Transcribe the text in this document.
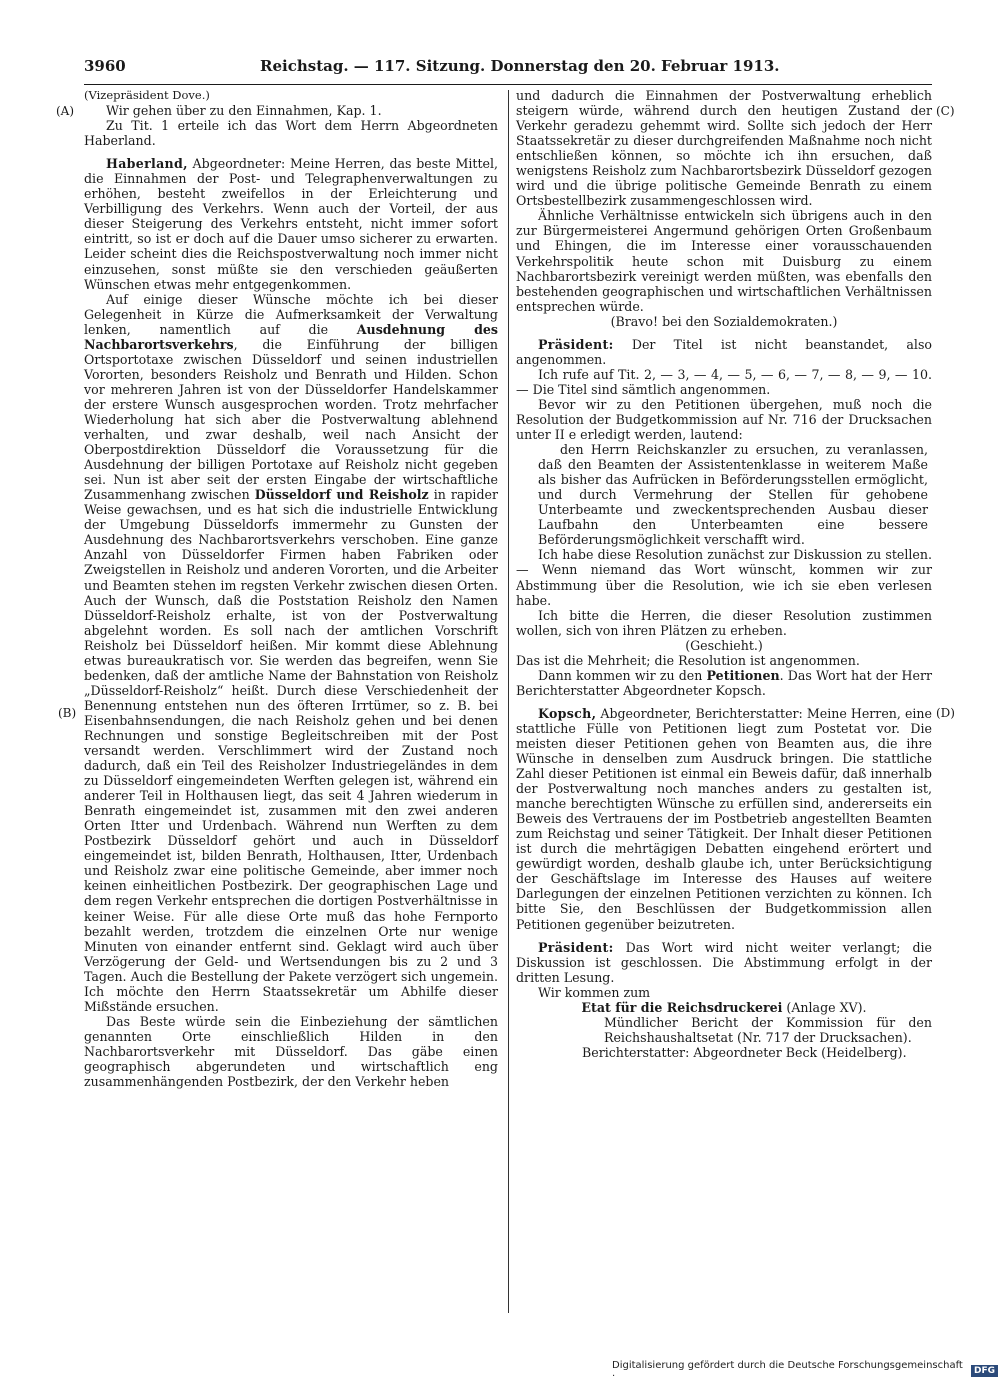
3960	Reichstag. — 117. Sitzung. Donnerstag den 20. Februar 1913.
(A)
(B)
(C)
(D)

(Vizepräsident Dove.)

Wir gehen über zu den Einnahmen, Kap. 1.

Zu Tit. 1 erteile ich das Wort dem Herrn Abgeordneten Haberland.

Haberland, Abgeordneter: Meine Herren, das beste Mittel, die Einnahmen der Post- und Telegraphenverwaltungen zu erhöhen, besteht zweifellos in der Erleichterung und Verbilligung des Verkehrs. Wenn auch der Vorteil, der aus dieser Steigerung des Verkehrs entsteht, nicht immer sofort eintritt, so ist er doch auf die Dauer umso sicherer zu erwarten. Leider scheint dies die Reichspostverwaltung noch immer nicht einzusehen, sonst müßte sie den verschieden geäußerten Wünschen etwas mehr entgegenkommen.

Auf einige dieser Wünsche möchte ich bei dieser Gelegenheit in Kürze die Aufmerksamkeit der Verwaltung lenken, namentlich auf die Ausdehnung des Nachbarortsverkehrs, die Einführung der billigen Ortsportotaxe zwischen Düsseldorf und seinen industriellen Vororten, besonders Reisholz und Benrath und Hilden. Schon vor mehreren Jahren ist von der Düsseldorfer Handelskammer der erstere Wunsch ausgesprochen worden. Trotz mehrfacher Wiederholung hat sich aber die Postverwaltung ablehnend verhalten, und zwar deshalb, weil nach Ansicht der Oberpostdirektion Düsseldorf die Voraussetzung für die Ausdehnung der billigen Portotaxe auf Reisholz nicht gegeben sei. Nun ist aber seit der ersten Eingabe der wirtschaftliche Zusammenhang zwischen Düsseldorf und Reisholz in rapider Weise gewachsen, und es hat sich die industrielle Entwicklung der Umgebung Düsseldorfs immermehr zu Gunsten der Ausdehnung des Nachbarortsverkehrs verschoben. Eine ganze Anzahl von Düsseldorfer Firmen haben Fabriken oder Zweigstellen in Reisholz und anderen Vororten, und die Arbeiter und Beamten stehen im regsten Verkehr zwischen diesen Orten. Auch der Wunsch, daß die Poststation Reisholz den Namen Düsseldorf-Reisholz erhalte, ist von der Postverwaltung abgelehnt worden. Es soll nach der amtlichen Vorschrift Reisholz bei Düsseldorf heißen. Mir kommt diese Ablehnung etwas bureaukratisch vor. Sie werden das begreifen, wenn Sie bedenken, daß der amtliche Name der Bahnstation von Reisholz „Düsseldorf-Reisholz“ heißt. Durch diese Verschiedenheit der Benennung entstehen nun des öfteren Irrtümer, so z. B. bei Eisenbahnsendungen, die nach Reisholz gehen und bei denen Rechnungen und sonstige Begleitschreiben mit der Post versandt werden. Verschlimmert wird der Zustand noch dadurch, daß ein Teil des Reisholzer Industriegeländes in dem zu Düsseldorf eingemeindeten Werften gelegen ist, während ein anderer Teil in Holthausen liegt, das seit 4 Jahren wiederum in Benrath eingemeindet ist, zusammen mit den zwei anderen Orten Itter und Urdenbach. Während nun Werften zu dem Postbezirk Düsseldorf gehört und auch in Düsseldorf eingemeindet ist, bilden Benrath, Holthausen, Itter, Urdenbach und Reisholz zwar eine politische Gemeinde, aber immer noch keinen einheitlichen Postbezirk. Der geographischen Lage und dem regen Verkehr entsprechen die dortigen Postverhältnisse in keiner Weise. Für alle diese Orte muß das hohe Fernporto bezahlt werden, trotzdem die einzelnen Orte nur wenige Minuten von einander entfernt sind. Geklagt wird auch über Verzögerung der Geld- und Wertsendungen bis zu 2 und 3 Tagen. Auch die Bestellung der Pakete verzögert sich ungemein. Ich möchte den Herrn Staatssekretär um Abhilfe dieser Mißstände ersuchen.

Das Beste würde sein die Einbeziehung der sämtlichen genannten Orte einschließlich Hilden in den Nachbarortsverkehr mit Düsseldorf. Das gäbe einen geographisch abgerundeten und wirtschaftlich eng zusammenhängenden Postbezirk, der den Verkehr heben

und dadurch die Einnahmen der Postverwaltung erheblich steigern würde, während durch den heutigen Zustand der Verkehr geradezu gehemmt wird. Sollte sich jedoch der Herr Staatssekretär zu dieser durchgreifenden Maßnahme noch nicht entschließen können, so möchte ich ihn ersuchen, daß wenigstens Reisholz zum Nachbarortsbezirk Düsseldorf gezogen wird und die übrige politische Gemeinde Benrath zu einem Ortsbestellbezirk zusammengeschlossen wird.

Ähnliche Verhältnisse entwickeln sich übrigens auch in den zur Bürgermeisterei Angermund gehörigen Orten Großenbaum und Ehingen, die im Interesse einer vorausschauenden Verkehrspolitik heute schon mit Duisburg zu einem Nachbarortsbezirk vereinigt werden müßten, was ebenfalls den bestehenden geographischen und wirtschaftlichen Verhältnissen entsprechen würde.

(Bravo! bei den Sozialdemokraten.)

Präsident: Der Titel ist nicht beanstandet, also angenommen.

Ich rufe auf Tit. 2, — 3, — 4, — 5, — 6, — 7, — 8, — 9, — 10. — Die Titel sind sämtlich angenommen.

Bevor wir zu den Petitionen übergehen, muß noch die Resolution der Budgetkommission auf Nr. 716 der Drucksachen unter II e erledigt werden, lautend:

den Herrn Reichskanzler zu ersuchen, zu veranlassen, daß den Beamten der Assistentenklasse in weiterem Maße als bisher das Aufrücken in Beförderungsstellen ermöglicht, und durch Vermehrung der Stellen für gehobene Unterbeamte und zweckentsprechenden Ausbau dieser Laufbahn den Unterbeamten eine bessere Beförderungsmöglichkeit verschafft wird.

Ich habe diese Resolution zunächst zur Diskussion zu stellen. — Wenn niemand das Wort wünscht, kommen wir zur Abstimmung über die Resolution, wie ich sie eben verlesen habe.

Ich bitte die Herren, die dieser Resolution zustimmen wollen, sich von ihren Plätzen zu erheben.

(Geschieht.)

Das ist die Mehrheit; die Resolution ist angenommen.

Dann kommen wir zu den Petitionen. Das Wort hat der Herr Berichterstatter Abgeordneter Kopsch.

Kopsch, Abgeordneter, Berichterstatter: Meine Herren, eine stattliche Fülle von Petitionen liegt zum Postetat vor. Die meisten dieser Petitionen gehen von Beamten aus, die ihre Wünsche in denselben zum Ausdruck bringen. Die stattliche Zahl dieser Petitionen ist einmal ein Beweis dafür, daß innerhalb der Postverwaltung noch manches anders zu gestalten ist, manche berechtigten Wünsche zu erfüllen sind, andererseits ein Beweis des Vertrauens der im Postbetrieb angestellten Beamten zum Reichstag und seiner Tätigkeit. Der Inhalt dieser Petitionen ist durch die mehrtägigen Debatten eingehend erörtert und gewürdigt worden, deshalb glaube ich, unter Berücksichtigung der Geschäftslage im Interesse des Hauses auf weitere Darlegungen der einzelnen Petitionen verzichten zu können. Ich bitte Sie, den Beschlüssen der Budgetkommission allen Petitionen gegenüber beizutreten.

Präsident: Das Wort wird nicht weiter verlangt; die Diskussion ist geschlossen. Die Abstimmung erfolgt in der dritten Lesung.

Wir kommen zum

Etat für die Reichsdruckerei (Anlage XV).

Mündlicher Bericht der Kommission für den Reichshaushaltsetat (Nr. 717 der Drucksachen).

Berichterstatter: Abgeordneter Beck (Heidelberg).

Digitalisierung gefördert durch die Deutsche Forschungsgemeinschaft ·	DFG
